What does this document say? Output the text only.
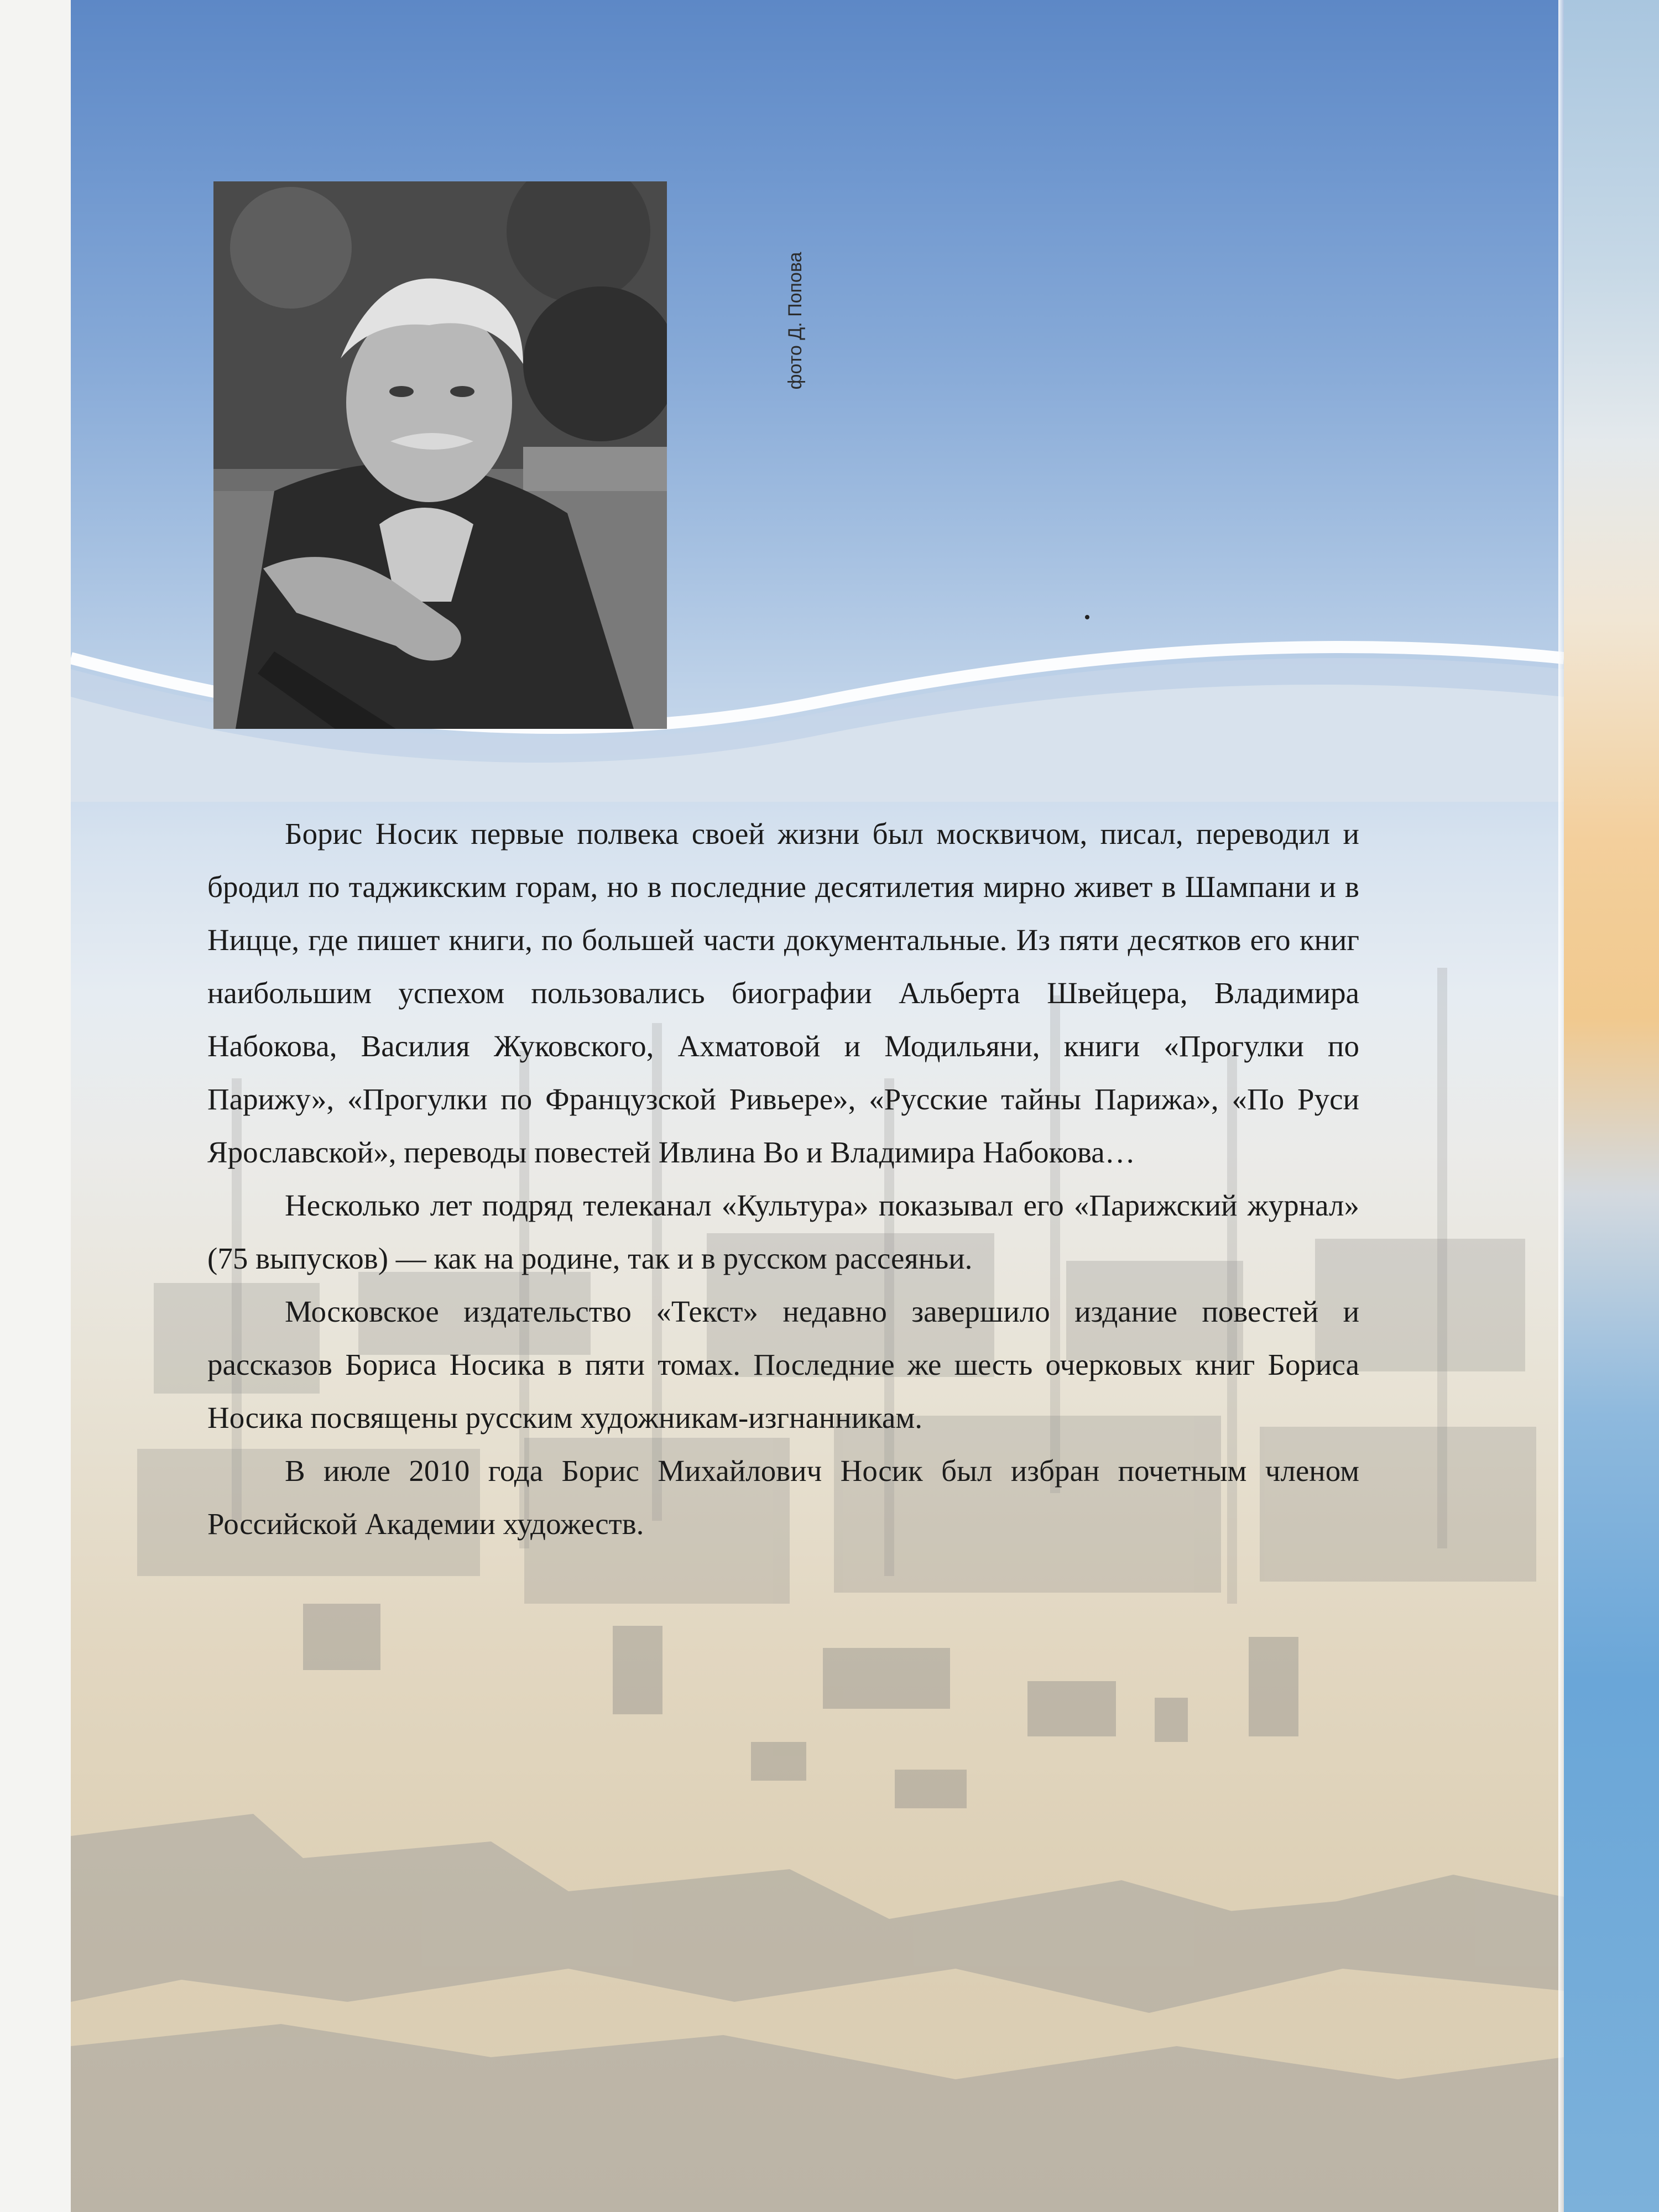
фото Д. Попова

Борис Носик первые полвека своей жизни был москвичом, писал, переводил и бродил по таджикским горам, но в последние десятилетия мирно живет в Шампани и в Ницце, где пишет книги, по большей части документальные. Из пяти десятков его книг наибольшим успехом пользовались биографии Альберта Швейцера, Владимира Набокова, Василия Жуковского, Ахматовой и Модильяни, книги «Прогулки по Парижу», «Прогулки по Французской Ривьере», «Русские тайны Парижа», «По Руси Ярославской», переводы повестей Ивлина Во и Владимира Набокова…

Несколько лет подряд телеканал «Культура» показывал его «Парижский журнал» (75 выпусков) — как на родине, так и в русском рассеяньи.

Московское издательство «Текст» недавно завершило издание повестей и рассказов Бориса Носика в пяти томах. Последние же шесть очерковых книг Бориса Носика посвящены русским художникам-изгнанникам.

В июле 2010 года Борис Михайлович Носик был избран почетным членом Российской Академии художеств.
